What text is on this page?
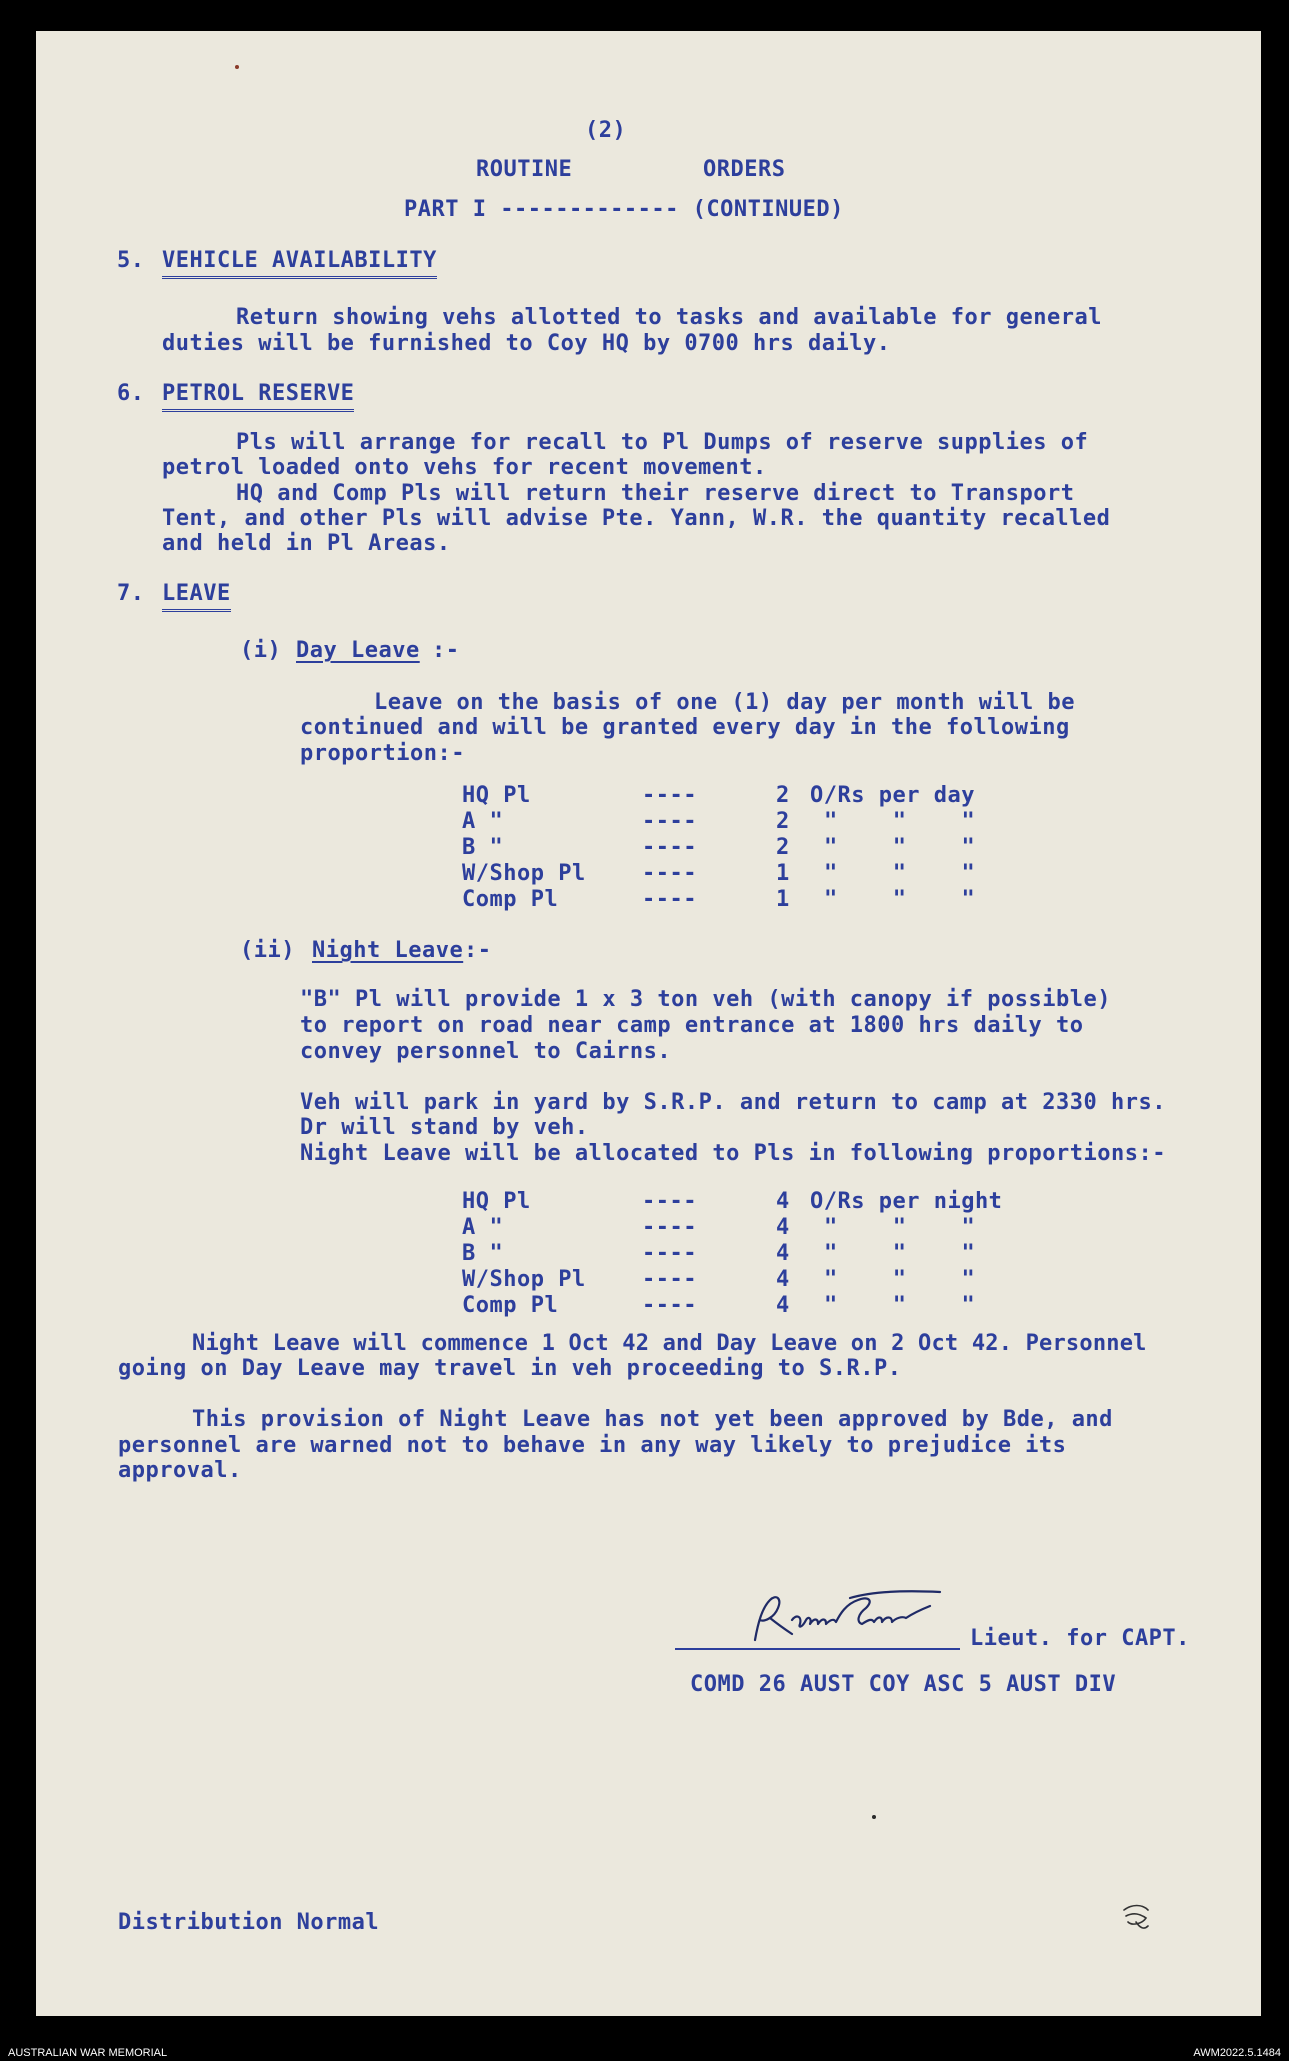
(2)

ROUTINE	ORDERS

PART I ------------- (CONTINUED)

5. VEHICLE AVAILABILITY

Return showing vehs allotted to tasks and available for general

duties will be furnished to Coy HQ by 0700 hrs daily.

6. PETROL RESERVE

Pls will arrange for recall to Pl Dumps of reserve supplies of

petrol loaded onto vehs for recent movement.

HQ and Comp Pls will return their reserve direct to Transport

Tent, and other Pls will advise Pte. Yann, W.R. the quantity recalled

and held in Pl Areas.

7. LEAVE

(i) Day Leave :-

Leave on the basis of one (1) day per month will be

continued and will be granted every day in the following

proportion:-

HQ Pl	----	2 O/Rs per day

A "	----	2 "    "    "

B "	----	2 "    "    "

W/Shop Pl	----	1 "    "    "

Comp Pl	----	1 "    "    "

(ii) Night Leave :-

"B" Pl will provide 1 x 3 ton veh (with canopy if possible)

to report on road near camp entrance at 1800 hrs daily to

convey personnel to Cairns.

Veh will park in yard by S.R.P. and return to camp at 2330 hrs.

Dr will stand by veh.

Night Leave will be allocated to Pls in following proportions:-

HQ Pl	----	4 O/Rs per night

A "	----	4 "    "    "

B "	----	4 "    "    "

W/Shop Pl	----	4 "    "    "

Comp Pl	----	4 "    "    "

Night Leave will commence 1 Oct 42 and Day Leave on 2 Oct 42. Personnel

going on Day Leave may travel in veh proceeding to S.R.P.

This provision of Night Leave has not yet been approved by Bde, and

personnel are warned not to behave in any way likely to prejudice its

approval.

Lieut. for CAPT.

COMD 26 AUST COY ASC 5 AUST DIV

Distribution Normal

AUSTRALIAN WAR MEMORIAL	AWM2022.5.1484
